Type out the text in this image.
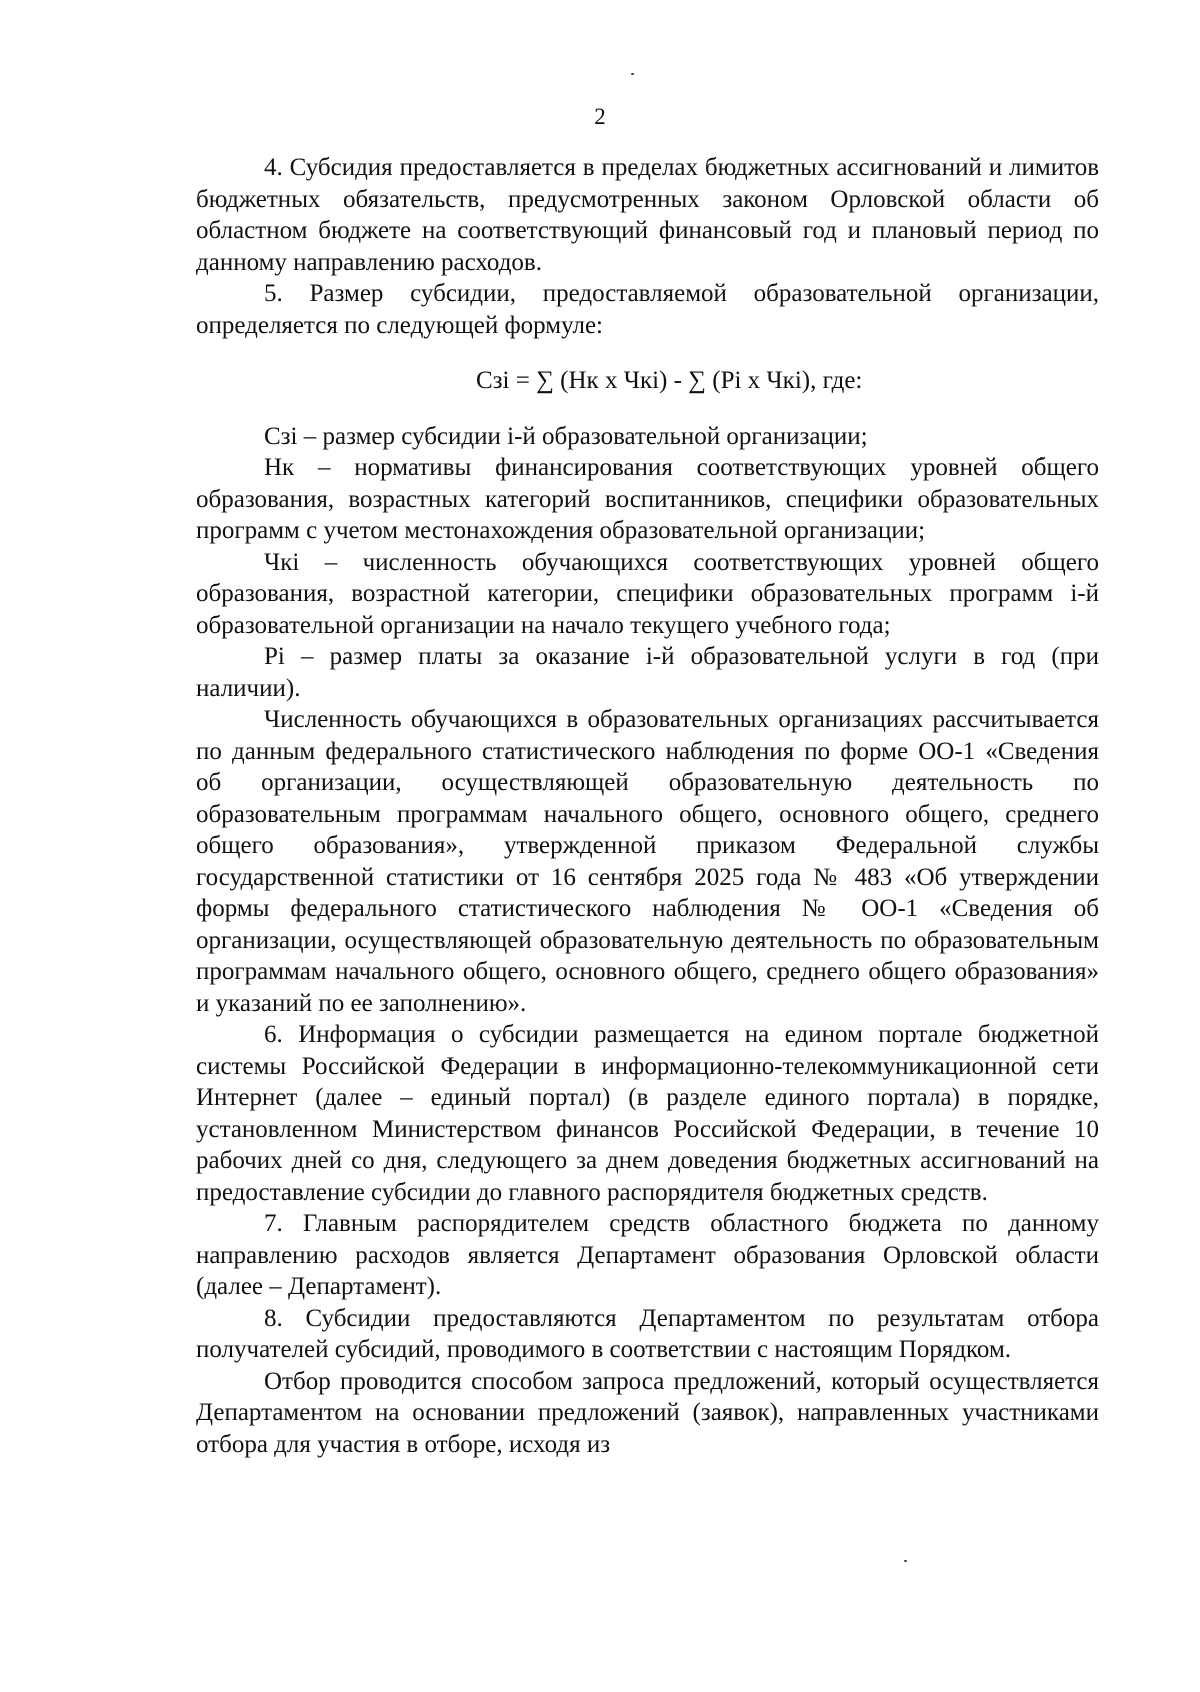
2

4. Субсидия предоставляется в пределах бюджетных ассигнований и лимитов бюджетных обязательств, предусмотренных законом Орловской области об областном бюджете на соответствующий финансовый год и плановый период по данному направлению расходов.

5. Размер субсидии, предоставляемой образовательной организации, определяется по следующей формуле:

Сзi = ∑ (Нк х Чкi) - ∑ (Рi х Чкi), где:

Сзi – размер субсидии i-й образовательной организации;

Нк – нормативы финансирования соответствующих уровней общего образования, возрастных категорий воспитанников, специфики образовательных программ с учетом местонахождения образовательной организации;

Чкi – численность обучающихся соответствующих уровней общего образования, возрастной категории, специфики образовательных программ i-й образовательной организации на начало текущего учебного года;

Рi – размер платы за оказание i-й образовательной услуги в год (при наличии).

Численность обучающихся в образовательных организациях рассчитывается по данным федерального статистического наблюдения по форме ОО-1 «Сведения об организации, осуществляющей образовательную деятельность по образовательным программам начального общего, основного общего, среднего общего образования», утвержденной приказом Федеральной службы государственной статистики от 16 сентября 2025 года № 483 «Об утверждении формы федерального статистического наблюдения № ОО-1 «Сведения об организации, осуществляющей образовательную деятельность по образовательным программам начального общего, основного общего, среднего общего образования» и указаний по ее заполнению».

6. Информация о субсидии размещается на едином портале бюджетной системы Российской Федерации в информационно-телекоммуникационной сети Интернет (далее – единый портал) (в разделе единого портала) в порядке, установленном Министерством финансов Российской Федерации, в течение 10 рабочих дней со дня, следующего за днем доведения бюджетных ассигнований на предоставление субсидии до главного распорядителя бюджетных средств.

7. Главным распорядителем средств областного бюджета по данному направлению расходов является Департамент образования Орловской области (далее – Департамент).

8. Субсидии предоставляются Департаментом по результатам отбора получателей субсидий, проводимого в соответствии с настоящим Порядком.

Отбор проводится способом запроса предложений, который осуществляется Департаментом на основании предложений (заявок), направленных участниками отбора для участия в отборе, исходя из
